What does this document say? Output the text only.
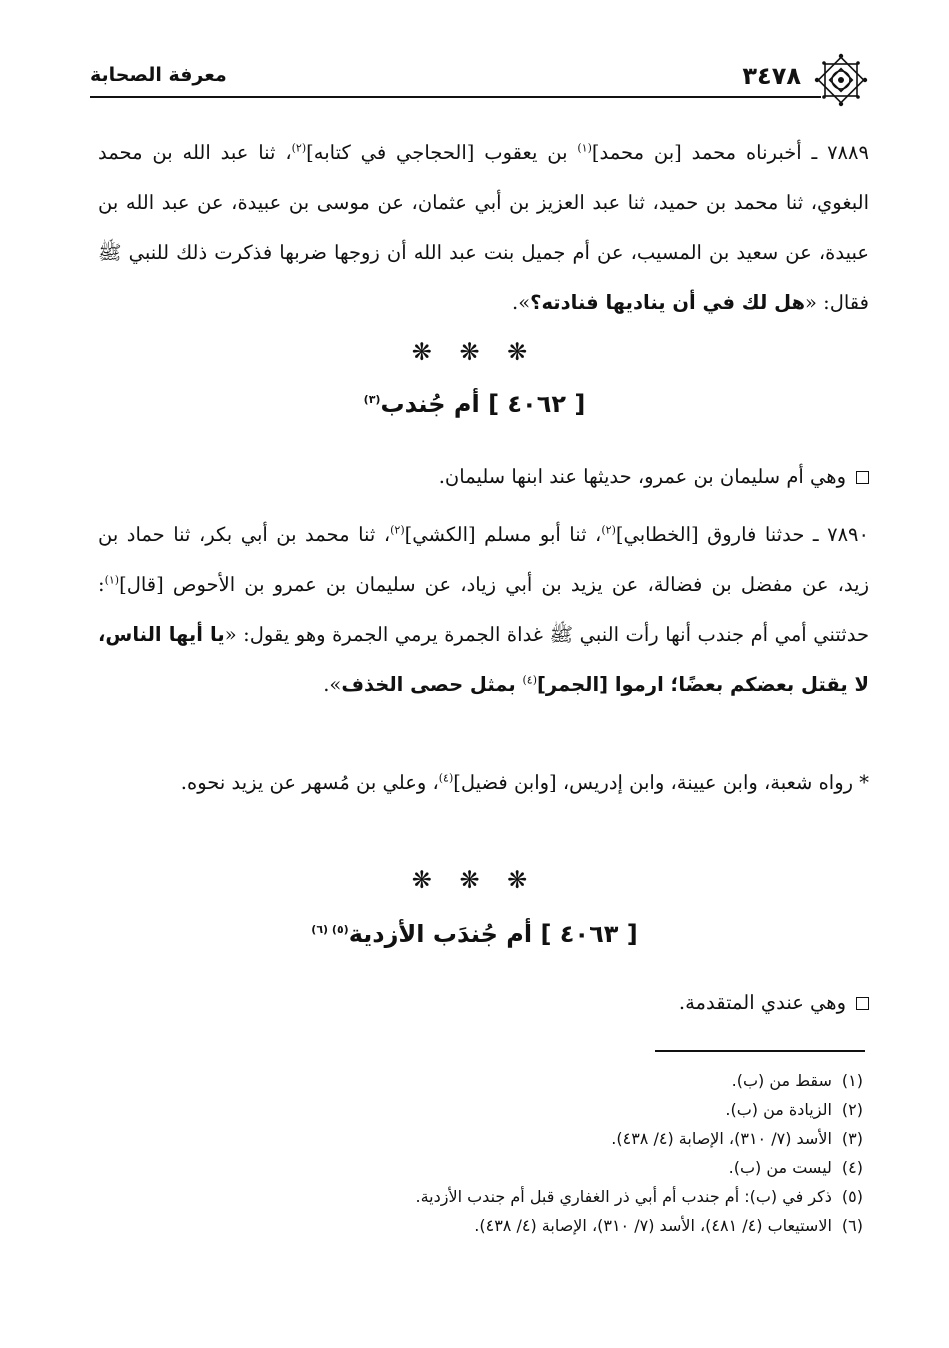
٣٤٧٨
معرفة الصحابة

٧٨٨٩ ـ أخبرناه محمد [بن محمد]$^{(١)}$ بن يعقوب [الحجاجي في كتابه]$^{(٢)}$، ثنا عبد الله بن محمد البغوي، ثنا محمد بن حميد، ثنا عبد العزيز بن أبي عثمان، عن موسى بن عبيدة، عن عبد الله بن عبيدة، عن سعيد بن المسيب، عن أم جميل بنت عبد الله أن زوجها ضربها فذكرت ذلك للنبي ﷺ فقال: «هل لك في أن يناديها فنادته؟».

❋ ❋ ❋
[ ٤٠٦٢ ] أم جُندب$^{(٣)}$

وهي أم سليمان بن عمرو، حديثها عند ابنها سليمان.

٧٨٩٠ ـ حدثنا فاروق [الخطابي]$^{(٢)}$، ثنا أبو مسلم [الكشي]$^{(٢)}$، ثنا محمد بن أبي بكر، ثنا حماد بن زيد، عن مفضل بن فضالة، عن يزيد بن أبي زياد، عن سليمان بن عمرو بن الأحوص [قال]$^{(١)}$: حدثتني أمي أم جندب أنها رأت النبي ﷺ غداة الجمرة يرمي الجمرة وهو يقول: «يا أيها الناس، لا يقتل بعضكم بعضًا؛ ارموا [الجمر]$^{(٤)}$ بمثل حصى الخذف».

* رواه شعبة، وابن عيينة، وابن إدريس، [وابن فضيل]$^{(٤)}$، وعلي بن مُسهر عن يزيد نحوه.

❋ ❋ ❋
[ ٤٠٦٣ ] أم جُندَب الأزدية$^{(٥) (٦)}$

وهي عندي المتقدمة.

(١)سقط من (ب).
(٢)الزيادة من (ب).
(٣)الأسد (٧/ ٣١٠)، الإصابة (٤/ ٤٣٨).
(٤)ليست من (ب).
(٥)ذكر في (ب): أم جندب أم أبي ذر الغفاري قبل أم جندب الأزدية.
(٦)الاستيعاب (٤/ ٤٨١)، الأسد (٧/ ٣١٠)، الإصابة (٤/ ٤٣٨).
